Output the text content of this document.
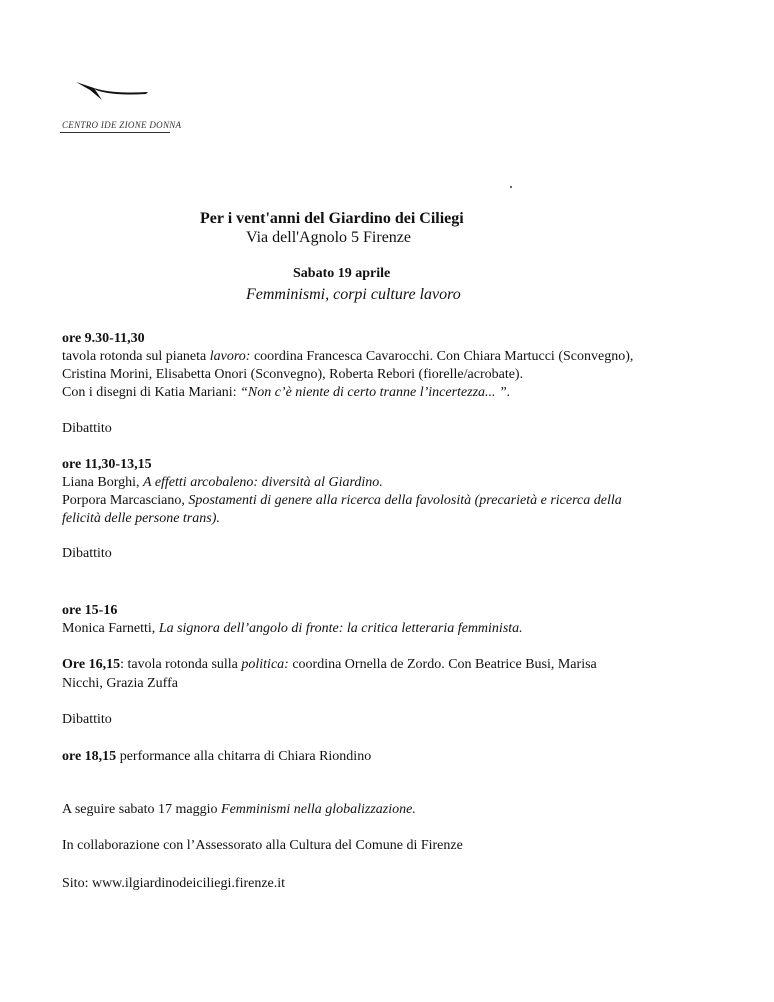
CENTRO IDE ZIONE DONNA
Per i vent'anni del Giardino dei Ciliegi
Via dell'Agnolo 5 Firenze
Sabato 19 aprile
Femminismi, corpi culture lavoro
ore 9.30-11,30
tavola rotonda sul pianeta lavoro: coordina Francesca Cavarocchi. Con Chiara Martucci (Sconvegno),
Cristina Morini, Elisabetta Onori (Sconvegno), Roberta Rebori (fiorelle/acrobate).
Con i disegni di Katia Mariani: “Non c’è niente di certo tranne l’incertezza... ”.
Dibattito
ore 11,30-13,15
Liana Borghi, A effetti arcobaleno: diversità al Giardino.
Porpora Marcasciano, Spostamenti di genere alla ricerca della favolosità (precarietà e ricerca della
felicità delle persone trans).
Dibattito
ore 15-16
Monica Farnetti, La signora dell’angolo di fronte: la critica letteraria femminista.
Ore 16,15: tavola rotonda sulla politica: coordina Ornella de Zordo. Con Beatrice Busi, Marisa
Nicchi, Grazia Zuffa
Dibattito
ore 18,15 performance alla chitarra di Chiara Riondino
A seguire sabato 17 maggio Femminismi nella globalizzazione.
In collaborazione con l’Assessorato alla Cultura del Comune di Firenze
Sito: www.ilgiardinodeiciliegi.firenze.it
